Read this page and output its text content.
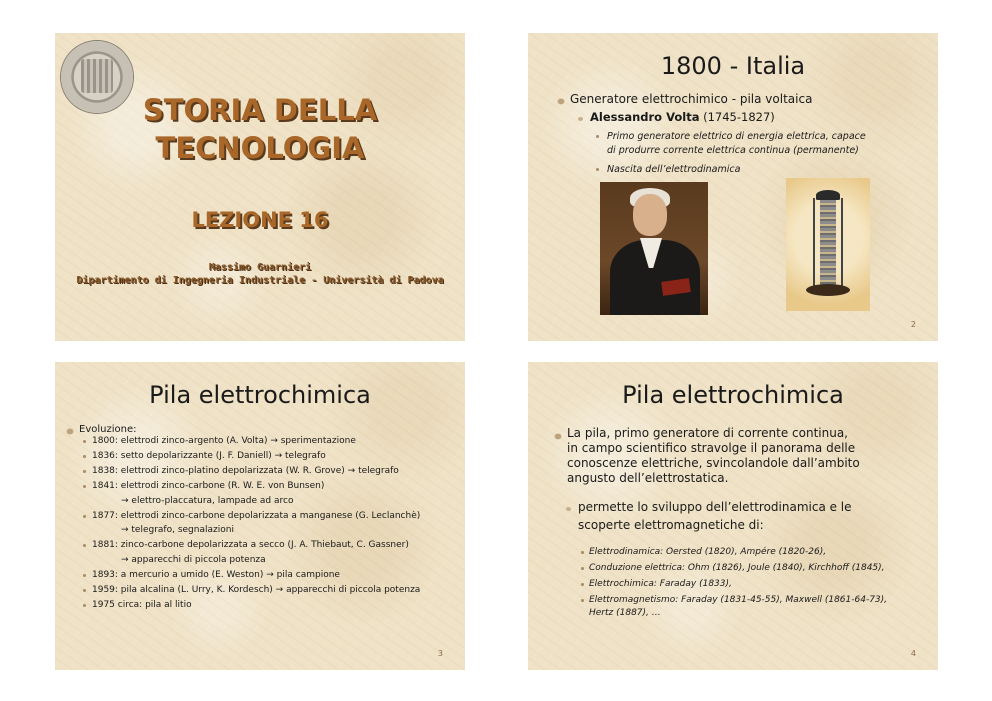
STORIA DELLA
TECNOLOGIA
LEZIONE 16
Massimo Guarnieri
Dipartimento di Ingegneria Industriale - Università di Padova
1800 - Italia
Generatore elettrochimico - pila voltaica
Alessandro Volta (1745-1827)
Primo generatore elettrico di energia elettrica, capace
di produrre corrente elettrica continua (permanente)
Nascita dell’elettrodinamica
2
Pila elettrochimica
Evoluzione:
1800: elettrodi zinco-argento (A. Volta) → sperimentazione
1836: setto depolarizzante (J. F. Daniell) → telegrafo
1838: elettrodi zinco-platino depolarizzata (W. R. Grove) → telegrafo
1841: elettrodi zinco-carbone (R. W. E. von Bunsen)
→ elettro-placcatura, lampade ad arco
1877: elettrodi zinco-carbone depolarizzata a manganese (G. Leclanchè)
→ telegrafo, segnalazioni
1881: zinco-carbone depolarizzata a secco (J. A. Thiebaut, C. Gassner)
→ apparecchi di piccola potenza
1893: a mercurio a umido (E. Weston) → pila campione
1959: pila alcalina (L. Urry, K. Kordesch) → apparecchi di piccola potenza
1975 circa: pila al litio
3
Pila elettrochimica
La pila, primo generatore di corrente continua,
in campo scientifico stravolge il panorama delle
conoscenze elettriche, svincolandole dall’ambito
angusto dell’elettrostatica.
permette lo sviluppo dell’elettrodinamica e le
scoperte elettromagnetiche di:
Elettrodinamica: Oersted (1820), Ampére (1820-26),
Conduzione elettrica: Ohm (1826), Joule (1840), Kirchhoff (1845),
Elettrochimica: Faraday (1833),
Elettromagnetismo: Faraday (1831-45-55), Maxwell (1861-64-73),
Hertz (1887), …
4
